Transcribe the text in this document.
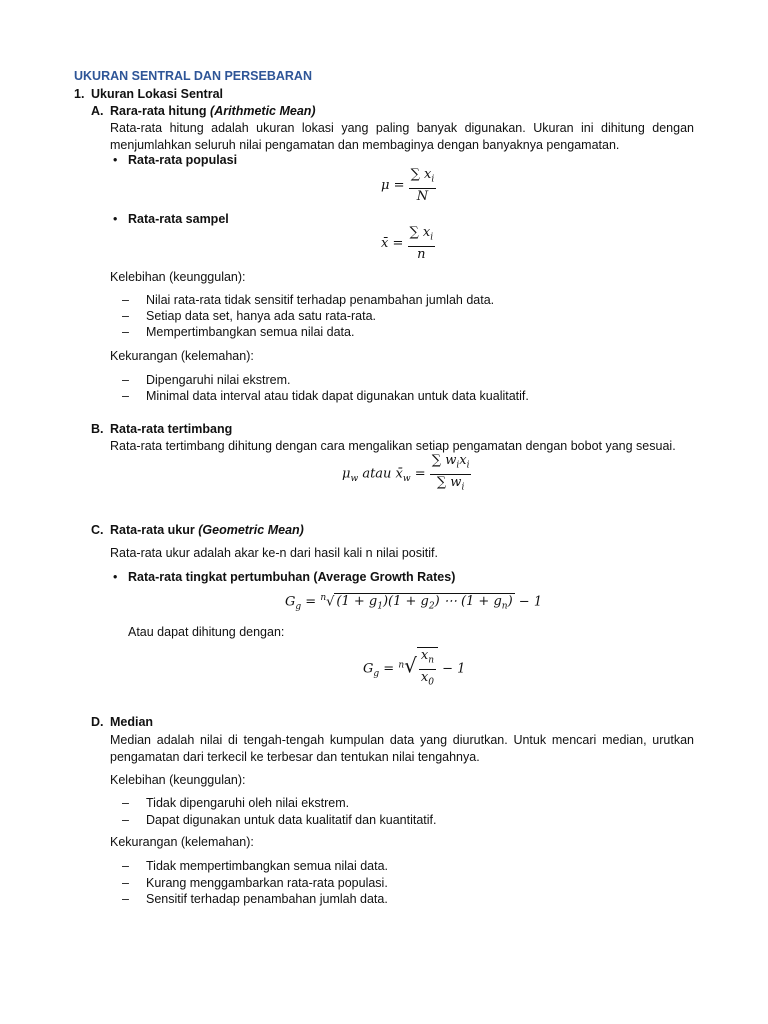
UKURAN SENTRAL DAN PERSEBARAN
1. Ukuran Lokasi Sentral
A. Rara-rata hitung (Arithmetic Mean)
Rata-rata hitung adalah ukuran lokasi yang paling banyak digunakan. Ukuran ini dihitung dengan menjumlahkan seluruh nilai pengamatan dan membaginya dengan banyaknya pengamatan.
• Rata-rata populasi
$\mu = \frac{\sum x_i}{N}$
• Rata-rata sampel
x̄ = $\frac{\sum x_i}{n}$
Kelebihan (keunggulan):
– Nilai rata-rata tidak sensitif terhadap penambahan jumlah data.
– Setiap data set, hanya ada satu rata-rata.
– Mempertimbangkan semua nilai data.
Kekurangan (kelemahan):
– Dipengaruhi nilai ekstrem.
– Minimal data interval atau tidak dapat digunakan untuk data kualitatif.
B. Rata-rata tertimbang
Rata-rata tertimbang dihitung dengan cara mengalikan setiap pengamatan dengan bobot yang sesuai.
$\mu_w$ atau $x̄_w = \frac{\sum w_ix_i}{\sum w_i}$
C. Rata-rata ukur (Geometric Mean)
Rata-rata ukur adalah akar ke-n dari hasil kali n nilai positif.
• Rata-rata tingkat pertumbuhan (Average Growth Rates)
$G_g = ^n√$ $(1 + g_1)(1 + g_2)$ ⋯ $(1 + g_n) - 1$
Atau dapat dihitung dengan:
$G_g = ^n√ \frac{x_n}{x_0} - 1$
D. Median
Median adalah nilai di tengah-tengah kumpulan data yang diurutkan. Untuk mencari median, urutkan pengamatan dari terkecil ke terbesar dan tentukan nilai tengahnya.
Kelebihan (keunggulan):
– Tidak dipengaruhi oleh nilai ekstrem.
– Dapat digunakan untuk data kualitatif dan kuantitatif.
Kekurangan (kelemahan):
– Tidak mempertimbangkan semua nilai data.
– Kurang menggambarkan rata-rata populasi.
– Sensitif terhadap penambahan jumlah data.
